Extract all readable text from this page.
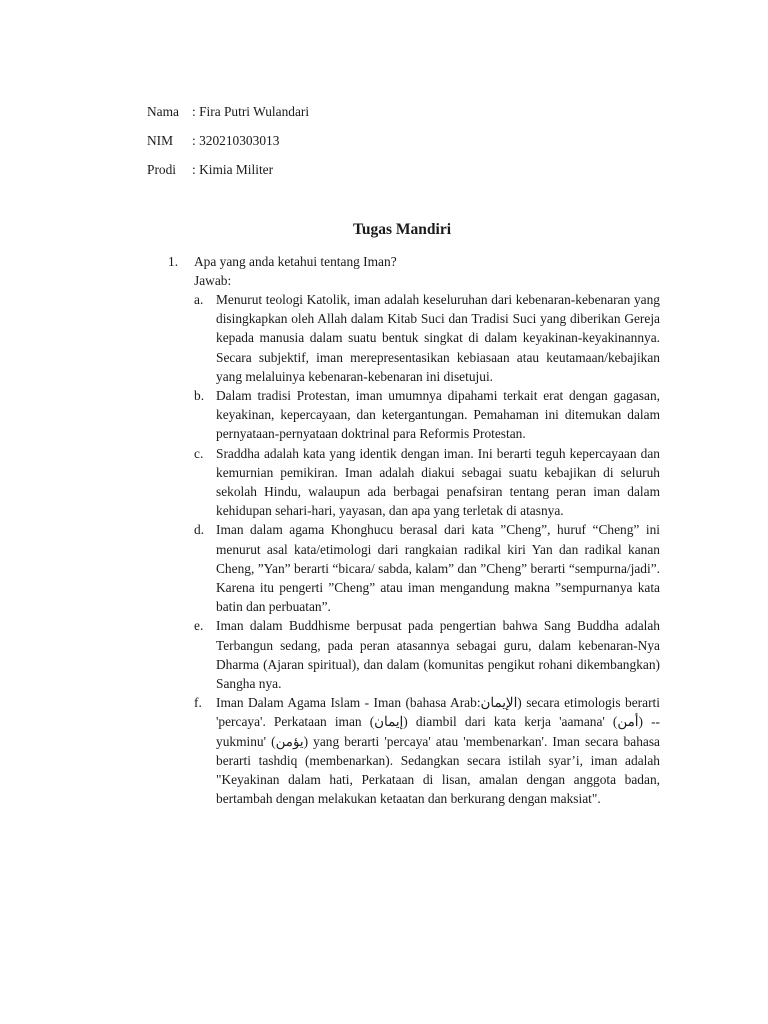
Nama : Fira Putri Wulandari
NIM : 320210303013
Prodi : Kimia Militer
Tugas Mandiri
1. Apa yang anda ketahui tentang Iman?
Jawab:
a. Menurut teologi Katolik, iman adalah keseluruhan dari kebenaran-kebenaran yang disingkapkan oleh Allah dalam Kitab Suci dan Tradisi Suci yang diberikan Gereja kepada manusia dalam suatu bentuk singkat di dalam keyakinan-keyakinannya. Secara subjektif, iman merepresentasikan kebiasaan atau keutamaan/kebajikan yang melaluinya kebenaran-kebenaran ini disetujui.
b. Dalam tradisi Protestan, iman umumnya dipahami terkait erat dengan gagasan, keyakinan, kepercayaan, dan ketergantungan. Pemahaman ini ditemukan dalam pernyataan-pernyataan doktrinal para Reformis Protestan.
c. Sraddha adalah kata yang identik dengan iman. Ini berarti teguh kepercayaan dan kemurnian pemikiran. Iman adalah diakui sebagai suatu kebajikan di seluruh sekolah Hindu, walaupun ada berbagai penafsiran tentang peran iman dalam kehidupan sehari-hari, yayasan, dan apa yang terletak di atasnya.
d. Iman dalam agama Khonghucu berasal dari kata ”Cheng”, huruf “Cheng” ini menurut asal kata/etimologi dari rangkaian radikal kiri Yan dan radikal kanan Cheng, ”Yan” berarti “bicara/ sabda, kalam” dan ”Cheng” berarti “sempurna/jadi”. Karena itu pengerti ”Cheng” atau iman mengandung makna ”sempurnanya kata batin dan perbuatan”.
e. Iman dalam Buddhisme berpusat pada pengertian bahwa Sang Buddha adalah Terbangun sedang, pada peran atasannya sebagai guru, dalam kebenaran-Nya Dharma (Ajaran spiritual), dan dalam (komunitas pengikut rohani dikembangkan) Sangha nya.
f. Iman Dalam Agama Islam - Iman (bahasa Arab:الإيمان) secara etimologis berarti 'percaya'. Perkataan iman (إيمان) diambil dari kata kerja 'aamana' (أمن) -- yukminu' (يؤمن) yang berarti 'percaya' atau 'membenarkan'. Iman secara bahasa berarti tashdiq (membenarkan). Sedangkan secara istilah syar’i, iman adalah "Keyakinan dalam hati, Perkataan di lisan, amalan dengan anggota badan, bertambah dengan melakukan ketaatan dan berkurang dengan maksiat".
